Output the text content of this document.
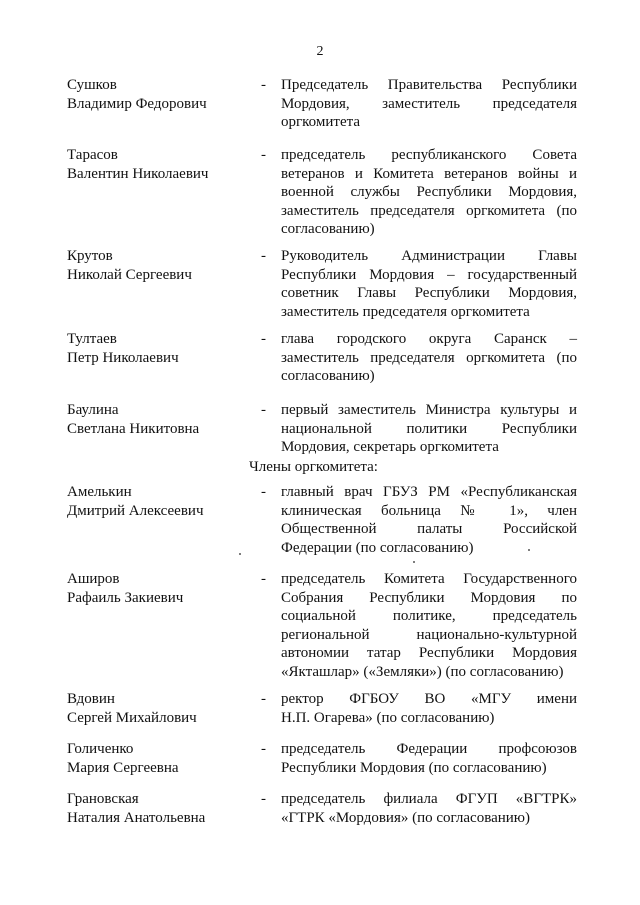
2
Сушков
Владимир Федорович
- Председатель Правительства Республики
Мордовия, заместитель председателя
оргкомитета
Тарасов
Валентин Николаевич
- председатель республиканского Совета
ветеранов и Комитета ветеранов войны и
военной службы Республики Мордовия,
заместитель председателя оргкомитета (по
согласованию)
Крутов
Николай Сергеевич
- Руководитель Администрации Главы
Республики Мордовия – государственный
советник Главы Республики Мордовия,
заместитель председателя оргкомитета
Тултаев
Петр Николаевич
- глава городского округа Саранск –
заместитель председателя оргкомитета (по
согласованию)
Баулина
Светлана Никитовна
- первый заместитель Министра культуры и
национальной политики Республики
Мордовия, секретарь оргкомитета
Члены оргкомитета:
Амелькин
Дмитрий Алексеевич
- главный врач ГБУЗ РМ «Республиканская
клиническая больница № 1», член
Общественной палаты Российской
Федерации (по согласованию)
Аширов
Рафаиль Закиевич
- председатель Комитета Государственного
Собрания Республики Мордовия по
социальной политике, председатель
региональной национально-культурной
автономии татар Республики Мордовия
«Якташлар» («Земляки») (по согласованию)
Вдовин
Сергей Михайлович
- ректор ФГБОУ ВО «МГУ имени
Н.П. Огарева» (по согласованию)
Голиченко
Мария Сергеевна
- председатель Федерации профсоюзов
Республики Мордовия (по согласованию)
Грановская
Наталия Анатольевна
- председатель филиала ФГУП «ВГТРК»
«ГТРК «Мордовия» (по согласованию)
